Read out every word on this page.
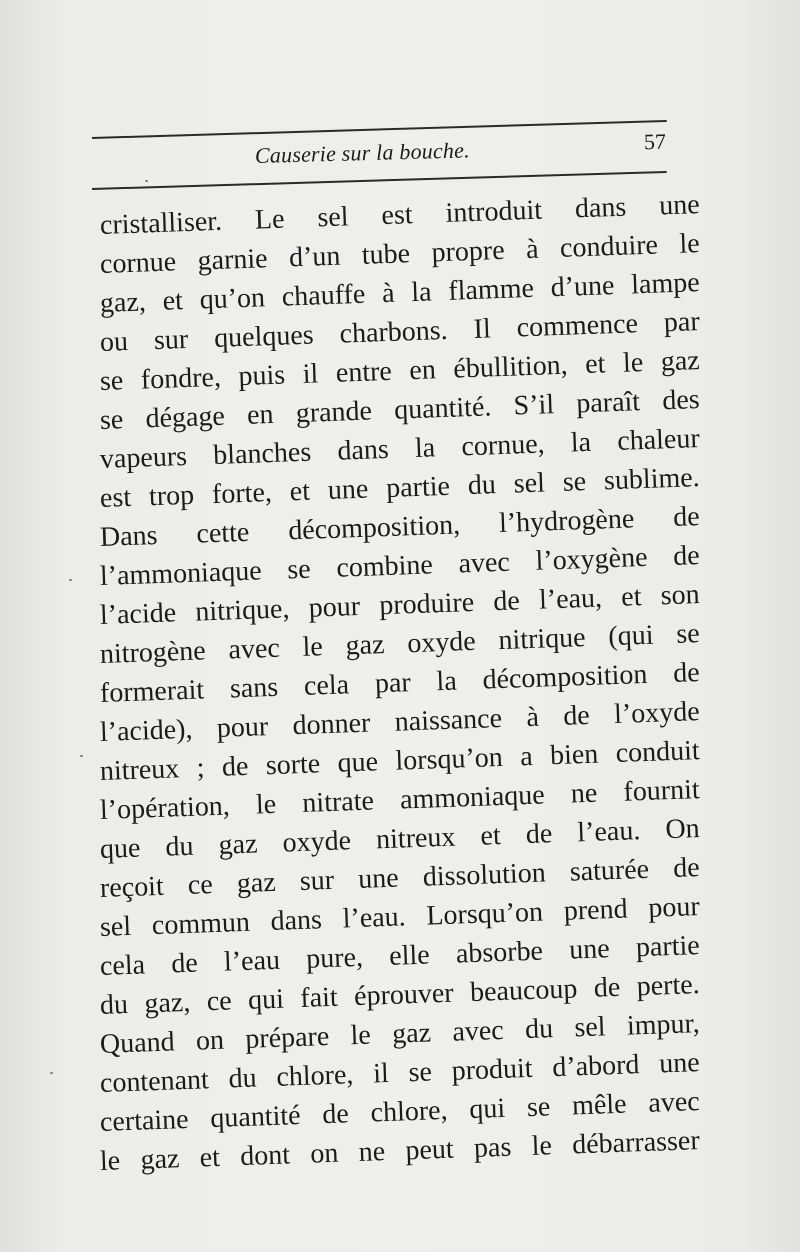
Causerie sur la bouche.	57
cristalliser. Le sel est introduit dans une
cornue garnie d’un tube propre à conduire le
gaz, et qu’on chauffe à la flamme d’une lampe
ou sur quelques charbons. Il commence par
se fondre, puis il entre en ébullition, et le gaz
se dégage en grande quantité. S’il paraît des
vapeurs blanches dans la cornue, la chaleur
est trop forte, et une partie du sel se sublime.
Dans cette décomposition, l’hydrogène de
l’ammoniaque se combine avec l’oxygène de
l’acide nitrique, pour produire de l’eau, et son
nitrogène avec le gaz oxyde nitrique (qui se
formerait sans cela par la décomposition de
l’acide), pour donner naissance à de l’oxyde
nitreux ; de sorte que lorsqu’on a bien conduit
l’opération, le nitrate ammoniaque ne fournit
que du gaz oxyde nitreux et de l’eau. On
reçoit ce gaz sur une dissolution saturée de
sel commun dans l’eau. Lorsqu’on prend pour
cela de l’eau pure, elle absorbe une partie
du gaz, ce qui fait éprouver beaucoup de perte.
Quand on prépare le gaz avec du sel impur,
contenant du chlore, il se produit d’abord une
certaine quantité de chlore, qui se mêle avec
le gaz et dont on ne peut pas le débarrasser
